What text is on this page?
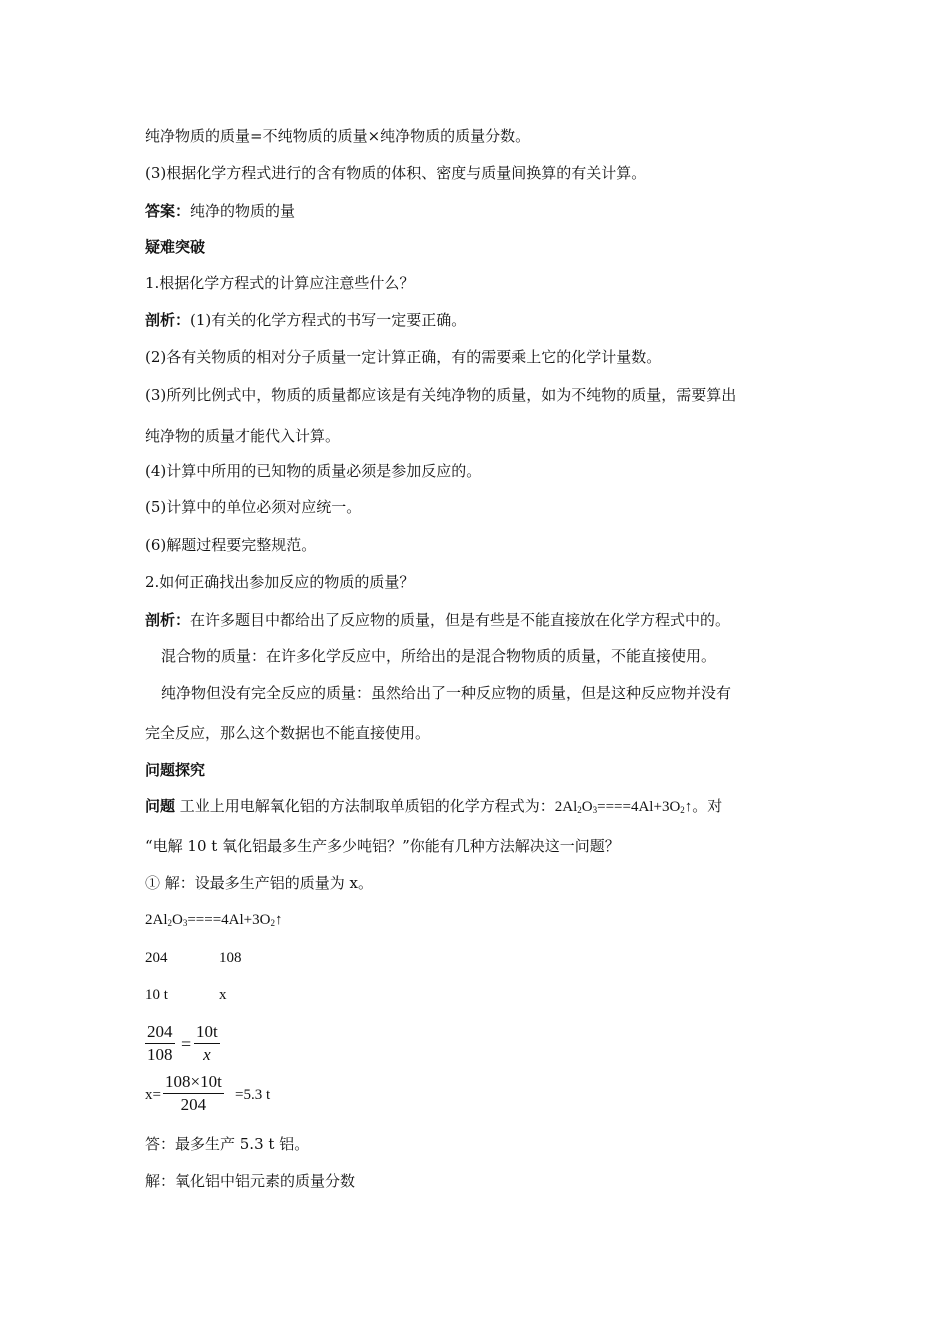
纯净物质的质量=不纯物质的质量×纯净物质的质量分数。

(3)根据化学方程式进行的含有物质的体积、密度与质量间换算的有关计算。

答案：纯净的物质的量

疑难突破

1.根据化学方程式的计算应注意些什么？

剖析：(1)有关的化学方程式的书写一定要正确。

(2)各有关物质的相对分子质量一定计算正确，有的需要乘上它的化学计量数。

(3)所列比例式中，物质的质量都应该是有关纯净物的质量，如为不纯物的质量，需要算出

纯净物的质量才能代入计算。

(4)计算中所用的已知物的质量必须是参加反应的。

(5)计算中的单位必须对应统一。

(6)解题过程要完整规范。

2.如何正确找出参加反应的物质的质量？

剖析：在许多题目中都给出了反应物的质量，但是有些是不能直接放在化学方程式中的。

混合物的质量：在许多化学反应中，所给出的是混合物物质的质量，不能直接使用。

纯净物但没有完全反应的质量：虽然给出了一种反应物的质量，但是这种反应物并没有

完全反应，那么这个数据也不能直接使用。

问题探究

问题 工业上用电解氧化铝的方法制取单质铝的化学方程式为：$2Al_2O_3====4Al+3O_2↑$。对

“电解 10 t 氧化铝最多生产多少吨铝？”你能有几种方法解决这一问题？

① 解：设最多生产铝的质量为 x。

$2Al_2O_3====4Al+3O_2↑$

204	108

10 t	x

$\frac{204}{108} = \frac{10t}{x}$
$x= \frac{108\times 10t}{204} =5.3$ t

答：最多生产 5.3 t 铝。

解：氧化铝中铝元素的质量分数
